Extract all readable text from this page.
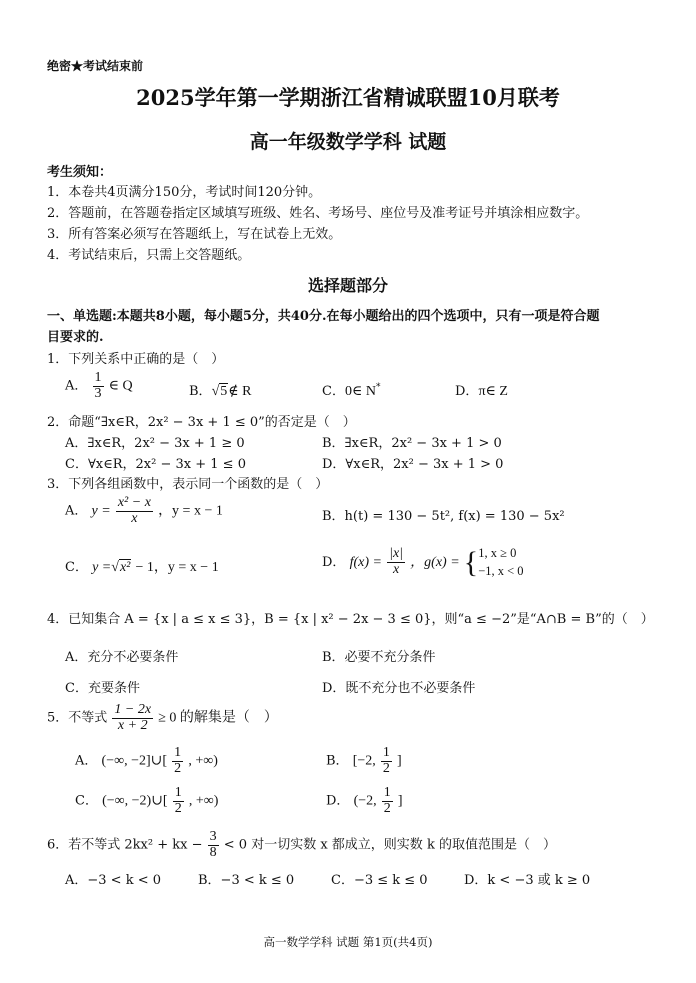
绝密★考试结束前
2025学年第一学期浙江省精诚联盟10月联考
高一年级数学学科 试题
考生须知：
1．本卷共4页满分150分，考试时间120分钟。
2．答题前，在答题卷指定区域填写班级、姓名、考场号、座位号及准考证号并填涂相应数字。
3．所有答案必须写在答题纸上，写在试卷上无效。
4．考试结束后，只需上交答题纸。
选择题部分
一、单选题:本题共8小题，每小题5分，共40分.在每小题给出的四个选项中，只有一项是符合题
目要求的.
1．下列关系中正确的是（　）
A． $\frac{1}{3}$ ∈ Q	B．√5∉ R	C．0∈ N*	D．π∈ Z
2．命题“∃x∈R，2x² − 3x + 1 ≤ 0”的否定是（　）
A．∃x∈R，2x² − 3x + 1 ≥ 0	B．∃x∈R，2x² − 3x + 1 > 0
C．∀x∈R，2x² − 3x + 1 ≤ 0	D．∀x∈R，2x² − 3x + 1 > 0
3．下列各组函数中，表示同一个函数的是（　）
A． $y = \frac{\text{x² − x}}{x}$ ，y = x − 1	B．h(t) = 130 − 5t², f(x) = 130 − 5x²
C． y =√x² − 1，y = x − 1	D． $f(x) = \frac{|x|}{x}$ ，g(x) = { 1, x ≥ 0
−1, x < 0
4．已知集合 A = {x | a ≤ x ≤ 3}，B = {x | x² − 2x − 3 ≤ 0}，则“a ≤ −2”是“A∩B = B”的（　）
A．充分不必要条件	B．必要不充分条件
C．充要条件	D．既不充分也不必要条件
5．不等式 $\frac{1 - 2x}{x + 2} \ge 0$ 的解集是（　）
A． (−∞, −2]∪[ $\frac{1}{2}$ , +∞)	B． [−2, $\frac{1}{2}$ ]
C． (−∞, −2)∪[ $\frac{1}{2}$ , +∞)	D． (−2, $\frac{1}{2}$ ]
6．若不等式 2kx² + kx − $\frac{3}{8} < 0$ 对一切实数 x 都成立，则实数 k 的取值范围是（　）
A．−3 < k < 0	B．−3 < k ≤ 0	C．−3 ≤ k ≤ 0	D．k < −3 或 k ≥ 0
高一数学学科 试题 第1页(共4页)
